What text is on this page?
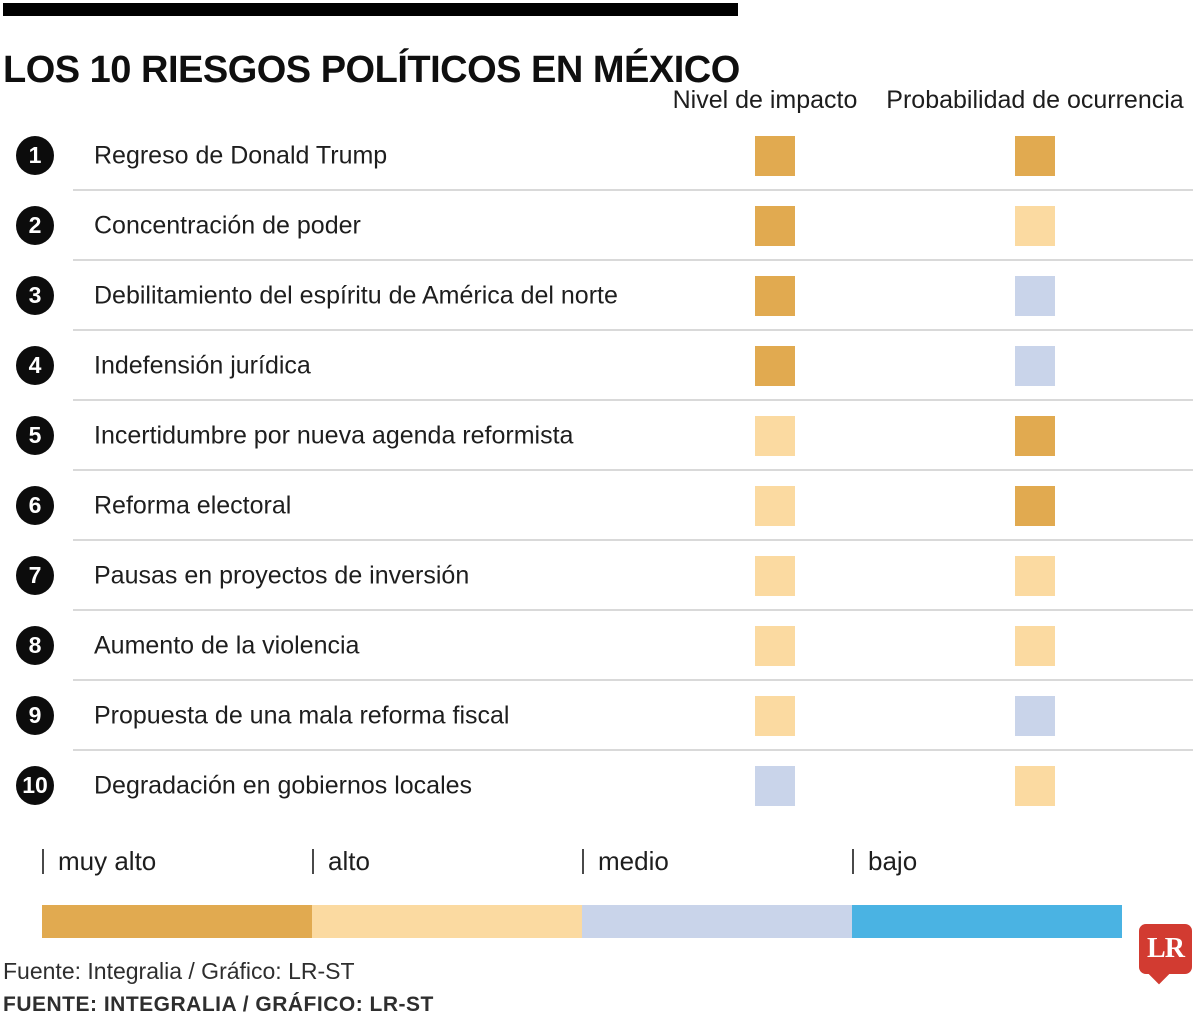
LOS 10 RIESGOS POLÍTICOS EN MÉXICO
Nivel de impacto Probabilidad de ocurrencia
1	Regreso de Donald Trump
2	Concentración de poder
3	Debilitamiento del espíritu de América del norte
4	Indefensión jurídica
5	Incertidumbre por nueva agenda reformista
6	Reforma electoral
7	Pausas en proyectos de inversión
8	Aumento de la violencia
9	Propuesta de una mala reforma fiscal
10 Degradación en gobiernos locales
muy alto	alto	medio	bajo
Fuente: Integralia / Gráfico: LR-ST
FUENTE: INTEGRALIA / GRÁFICO: LR-ST
LR
